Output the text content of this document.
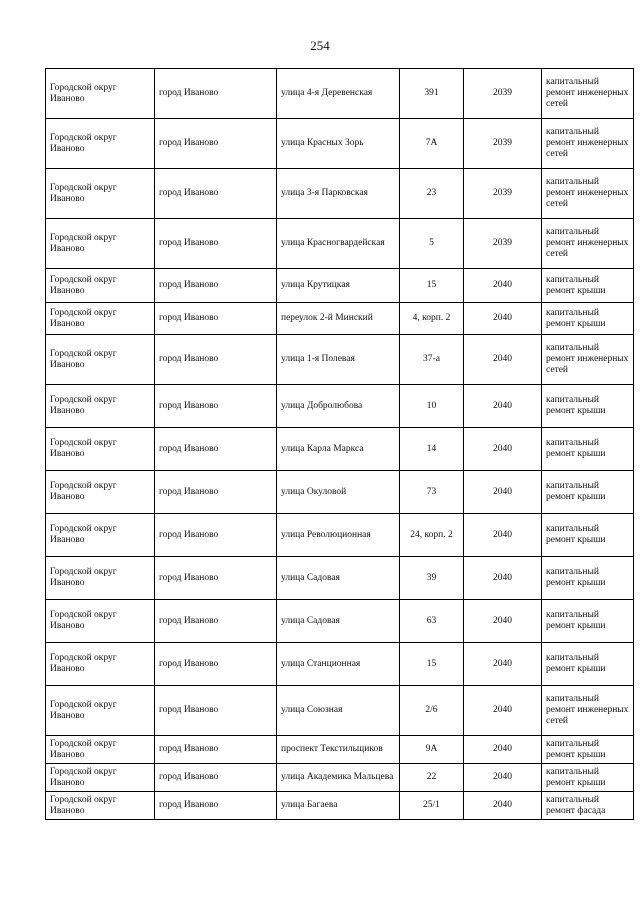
254
Городской округ Иваново	город Иваново	улица 4-я Деревенская	391	2039	капитальный ремонт инженерных сетей
Городской округ Иваново	город Иваново	улица Красных Зорь	7А	2039	капитальный ремонт инженерных сетей
Городской округ Иваново	город Иваново	улица 3-я Парковская	23	2039	капитальный ремонт инженерных сетей
Городской округ Иваново	город Иваново	улица Красногвардейская	5	2039	капитальный ремонт инженерных сетей
Городской округ Иваново	город Иваново	улица Крутицкая	15	2040	капитальный ремонт крыши
Городской округ Иваново	город Иваново	переулок 2-й Минский	4, корп. 2	2040	капитальный ремонт крыши
Городской округ Иваново	город Иваново	улица 1-я Полевая	37-а	2040	капитальный ремонт инженерных сетей
Городской округ Иваново	город Иваново	улица Добролюбова	10	2040	капитальный ремонт крыши
Городской округ Иваново	город Иваново	улица Карла Маркса	14	2040	капитальный ремонт крыши
Городской округ Иваново	город Иваново	улица Окуловой	73	2040	капитальный ремонт крыши
Городской округ Иваново	город Иваново	улица Революционная	24, корп. 2	2040	капитальный ремонт крыши
Городской округ Иваново	город Иваново	улица Садовая	39	2040	капитальный ремонт крыши
Городской округ Иваново	город Иваново	улица Садовая	63	2040	капитальный ремонт крыши
Городской округ Иваново	город Иваново	улица Станционная	15	2040	капитальный ремонт крыши
Городской округ Иваново	город Иваново	улица Союзная	2/6	2040	капитальный ремонт инженерных сетей
Городской округ Иваново	город Иваново	проспект Текстильщиков	9А	2040	капитальный ремонт крыши
Городской округ Иваново	город Иваново	улица Академика Мальцева	22	2040	капитальный ремонт крыши
Городской округ Иваново	город Иваново	улица Багаева	25/1	2040	капитальный ремонт фасада
